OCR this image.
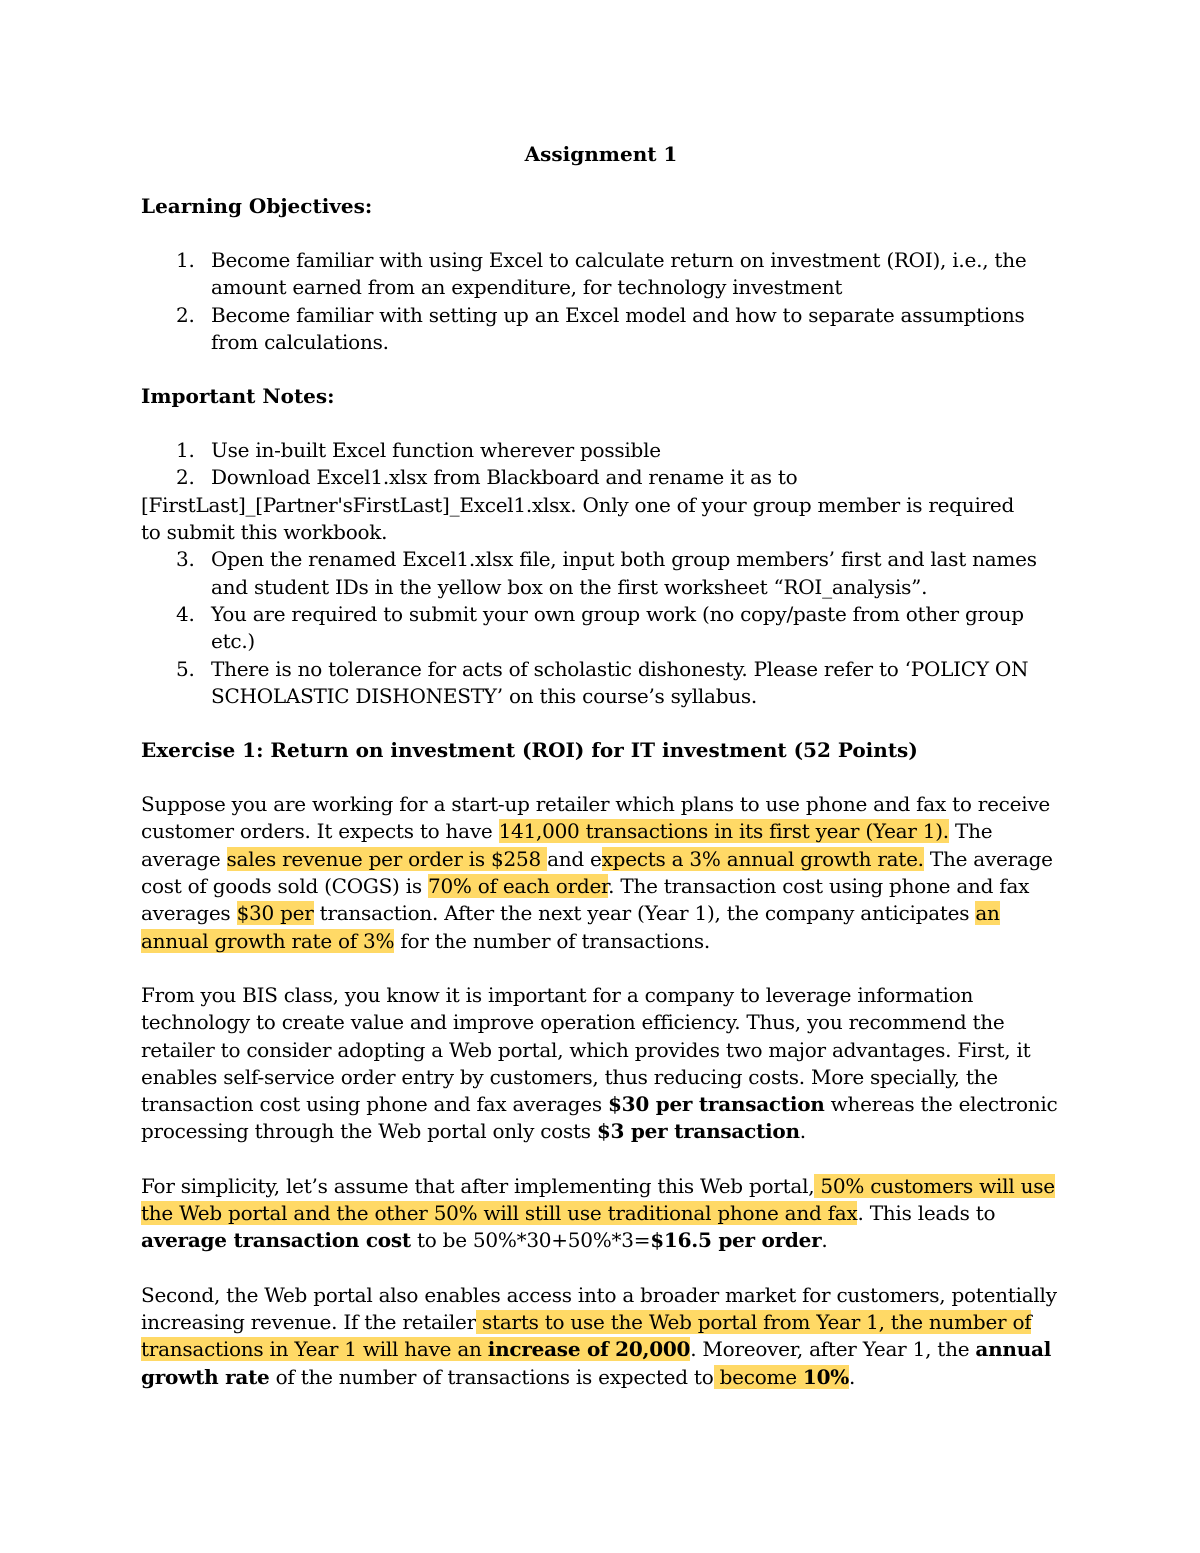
Assignment 1
Learning Objectives:
1. Become familiar with using Excel to calculate return on investment (ROI), i.e., the amount earned from an expenditure, for technology investment
2. Become familiar with setting up an Excel model and how to separate assumptions from calculations.
Important Notes:
1. Use in-built Excel function wherever possible
2. Download Excel1.xlsx from Blackboard and rename it as to
[FirstLast]_[Partner'sFirstLast]_Excel1.xlsx. Only one of your group member is required
to submit this workbook.
3. Open the renamed Excel1.xlsx file, input both group members’ first and last names and student IDs in the yellow box on the first worksheet “ROI_analysis”.
4. You are required to submit your own group work (no copy/paste from other group etc.)
5. There is no tolerance for acts of scholastic dishonesty. Please refer to ‘POLICY ON SCHOLASTIC DISHONESTY’ on this course’s syllabus.
Exercise 1: Return on investment (ROI) for IT investment (52 Points)

Suppose you are working for a start-up retailer which plans to use phone and fax to receive customer orders. It expects to have 141,000 transactions in its first year (Year 1). The average sales revenue per order is $258 and expects a 3% annual growth rate. The average cost of goods sold (COGS) is 70% of each order. The transaction cost using phone and fax averages $30 per transaction. After the next year (Year 1), the company anticipates an annual growth rate of 3% for the number of transactions.

From you BIS class, you know it is important for a company to leverage information technology to create value and improve operation efficiency. Thus, you recommend the retailer to consider adopting a Web portal, which provides two major advantages. First, it enables self-service order entry by customers, thus reducing costs. More specially, the transaction cost using phone and fax averages $30 per transaction whereas the electronic processing through the Web portal only costs $3 per transaction.

For simplicity, let’s assume that after implementing this Web portal, 50% customers will use the Web portal and the other 50% will still use traditional phone and fax. This leads to average transaction cost to be 50%*30+50%*3=$16.5 per order.

Second, the Web portal also enables access into a broader market for customers, potentially increasing revenue. If the retailer starts to use the Web portal from Year 1, the number of transactions in Year 1 will have an increase of 20,000. Moreover, after Year 1, the annual growth rate of the number of transactions is expected to become 10%.
